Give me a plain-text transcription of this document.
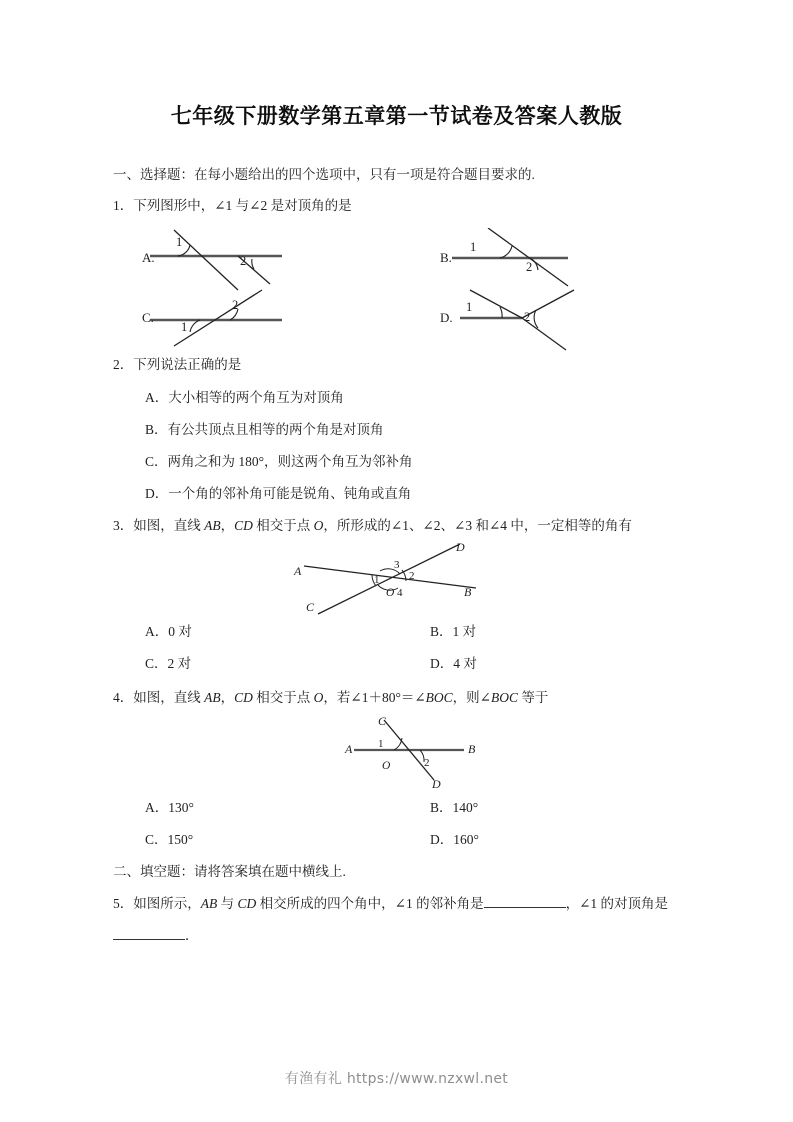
七年级下册数学第五章第一节试卷及答案人教版
一、选择题：在每小题给出的四个选项中，只有一项是符合题目要求的.
1．下列图形中，∠1 与∠2 是对顶角的是
A.
1
2	B.
1
2
C.
1
2
D.
1
2
2．下列说法正确的是
A．大小相等的两个角互为对顶角
B．有公共顶点且相等的两个角是对顶角
C．两角之和为 180°，则这两个角互为邻补角
D．一个角的邻补角可能是锐角、钝角或直角
3．如图，直线 AB，CD 相交于点 O，所形成的∠1、∠2、∠3 和∠4 中，一定相等的角有
A
B
C
D
O
1	2
3
4
A．0 对	B．1 对
C．2 对	D．4 对
4．如图，直线 AB，CD 相交于点 O，若∠1＋80°＝∠BOC，则∠BOC 等于
A	B
C
D
O
1
2
A．130°	B．140°
C．150°	D．160°
二、填空题：请将答案填在题中横线上.
5．如图所示，AB 与 CD 相交所成的四个角中，∠1 的邻补角是	，∠1 的对顶角是
．
有渔有礼 https://www.nzxwl.net
